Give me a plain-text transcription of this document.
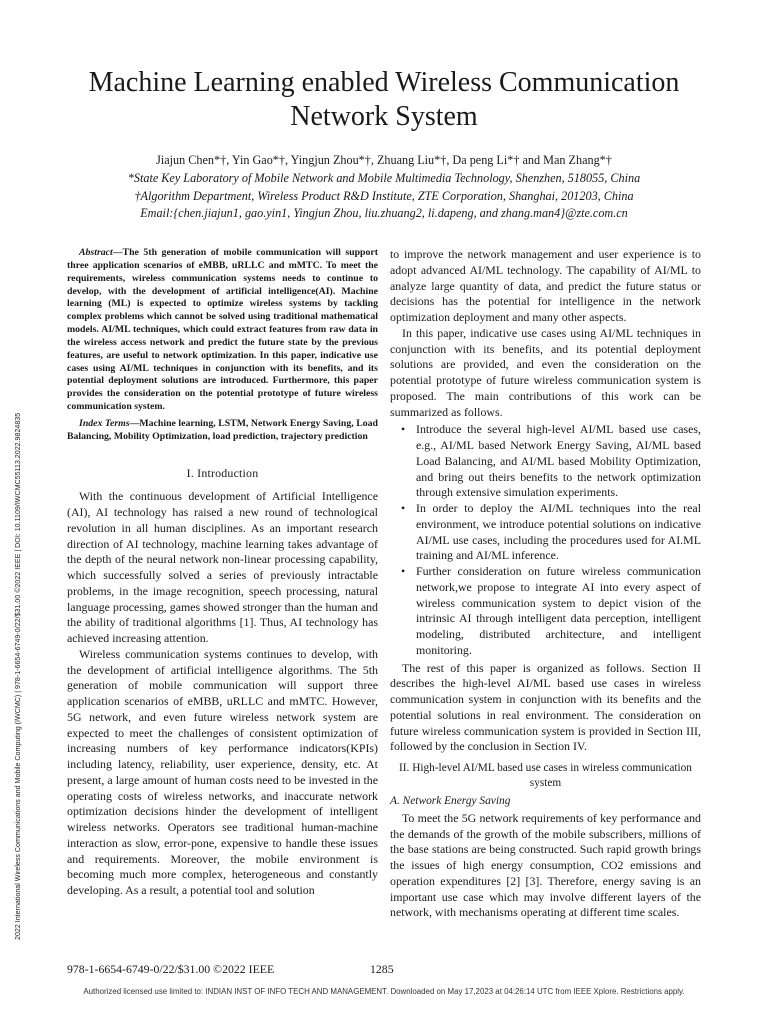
2022 International Wireless Communications and Mobile Computing (IWCMC) | 978-1-6654-6749-0/22/$31.00 ©2022 IEEE | DOI: 10.1109/IWCMC55113.2022.9824835
Machine Learning enabled Wireless Communication Network System
Jiajun Chen*†, Yin Gao*†, Yingjun Zhou*†, Zhuang Liu*†, Da peng Li*† and Man Zhang*†
*State Key Laboratory of Mobile Network and Mobile Multimedia Technology, Shenzhen, 518055, China
†Algorithm Department, Wireless Product R&D Institute, ZTE Corporation, Shanghai, 201203, China
Email:{chen.jiajun1, gao.yin1, Yingjun Zhou, liu.zhuang2, li.dapeng, and zhang.man4}@zte.com.cn

Abstract—The 5th generation of mobile communication will support three application scenarios of eMBB, uRLLC and mMTC. To meet the requirements, wireless communication systems needs to continue to develop, with the development of artificial intelligence(AI). Machine learning (ML) is expected to optimize wireless systems by tackling complex problems which cannot be solved using traditional mathematical models. AI/ML techniques, which could extract features from raw data in the wireless access network and predict the future state by the previous features, are useful to network optimization. In this paper, indicative use cases using AI/ML techniques in conjunction with its benefits, and its potential deployment solutions are introduced. Furthermore, this paper provides the consideration on the potential prototype of future wireless communication system.

Index Terms—Machine learning, LSTM, Network Energy Saving, Load Balancing, Mobility Optimization, load prediction, trajectory prediction

I. Introduction

With the continuous development of Artificial Intelligence (AI), AI technology has raised a new round of technological revolution in all human disciplines. As an important research direction of AI technology, machine learning takes advantage of the depth of the neural network non-linear processing capability, which successfully solved a series of previously intractable problems, in the image recognition, speech processing, natural language processing, games showed stronger than the human and the ability of traditional algorithms [1]. Thus, AI technology has achieved increasing attention.

Wireless communication systems continues to develop, with the development of artificial intelligence algorithms. The 5th generation of mobile communication will support three application scenarios of eMBB, uRLLC and mMTC. However, 5G network, and even future wireless network system are expected to meet the challenges of consistent optimization of increasing numbers of key performance indicators(KPIs) including latency, reliability, user experience, density, etc. At present, a large amount of human costs need to be invested in the operating costs of wireless networks, and inaccurate network optimization decisions hinder the development of intelligent wireless networks. Operators see traditional human-machine interaction as slow, error-pone, expensive to handle these issues and requirements. Moreover, the mobile environment is becoming much more complex, heterogeneous and constantly developing. As a result, a potential tool and solution

to improve the network management and user experience is to adopt advanced AI/ML technology. The capability of AI/ML to analyze large quantity of data, and predict the future status or decisions has the potential for intelligence in the network optimization deployment and many other aspects.

In this paper, indicative use cases using AI/ML techniques in conjunction with its benefits, and its potential deployment solutions are provided, and even the consideration on the potential prototype of future wireless communication system is proposed. The main contributions of this work can be summarized as follows.

• Introduce the several high-level AI/ML based use cases, e.g., AI/ML based Network Energy Saving, AI/ML based Load Balancing, and AI/ML based Mobility Optimization, and bring out theirs benefits to the network optimization through extensive simulation experiments.
• In order to deploy the AI/ML techniques into the real environment, we introduce potential solutions on indicative AI/ML use cases, including the procedures used for AI.ML training and AI/ML inference.
• Further consideration on future wireless communication network,we propose to integrate AI into every aspect of wireless communication system to depict vision of the intrinsic AI through intelligent data perception, intelligent modeling, distributed architecture, and intelligent monitoring.

The rest of this paper is organized as follows. Section II describes the high-level AI/ML based use cases in wireless communication system in conjunction with its benefits and the potential solutions in real environment. The consideration on future wireless communication system is provided in Section III, followed by the conclusion in Section IV.

II. High-level AI/ML based use cases in wireless communication system
A. Network Energy Saving

To meet the 5G network requirements of key performance and the demands of the growth of the mobile subscribers, millions of the base stations are being constructed. Such rapid growth brings the issues of high energy consumption, CO2 emissions and operation expenditures [2] [3]. Therefore, energy saving is an important use case which may involve different layers of the network, with mechanisms operating at different time scales.

978-1-6654-6749-0/22/$31.00 ©2022 IEEE	1285
Authorized licensed use limited to: INDIAN INST OF INFO TECH AND MANAGEMENT. Downloaded on May 17,2023 at 04:26:14 UTC from IEEE Xplore. Restrictions apply.
